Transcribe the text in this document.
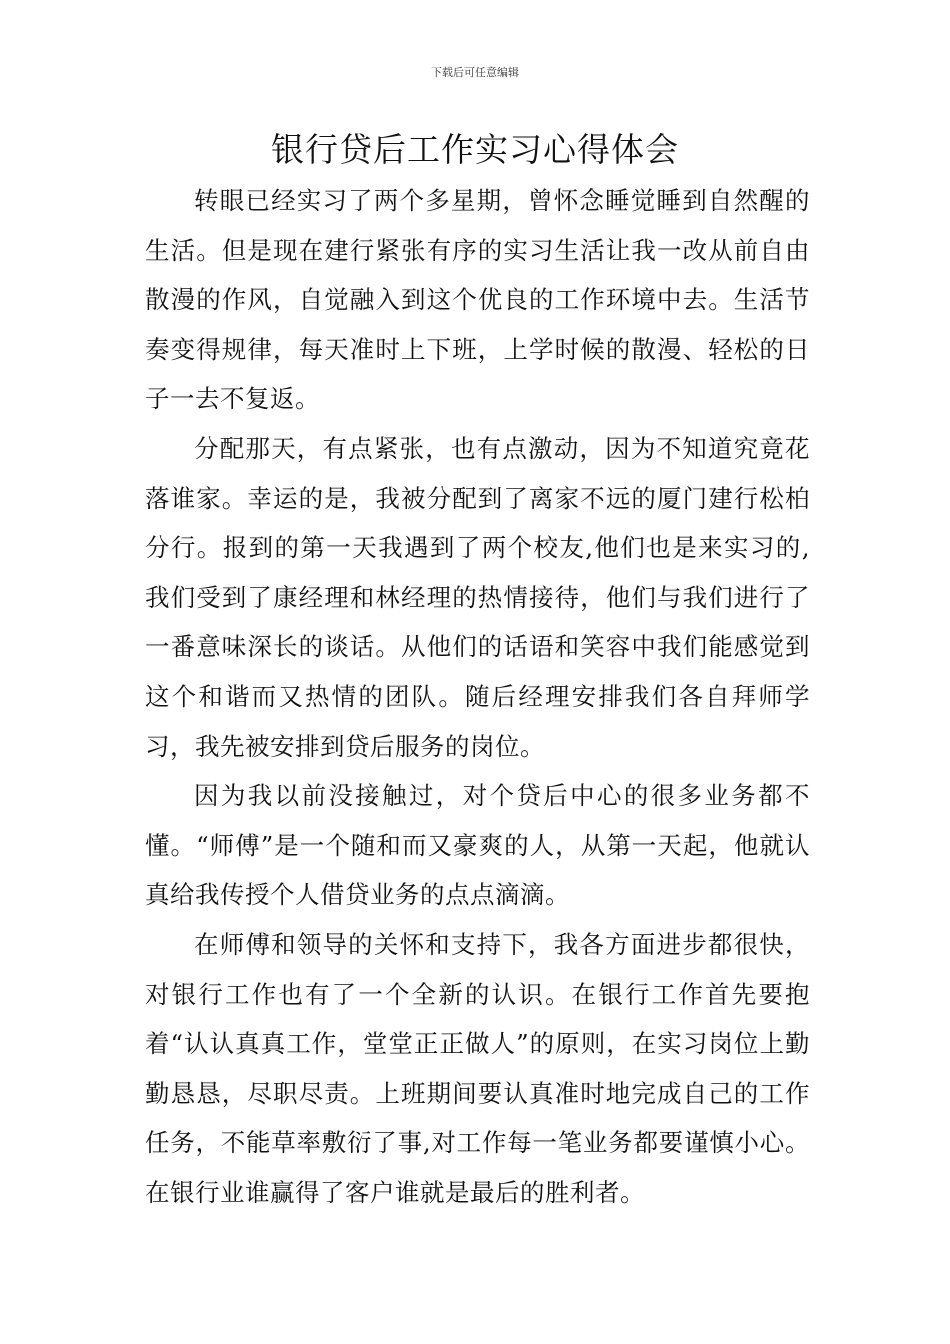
下载后可任意编辑
银行贷后工作实习心得体会

转眼已经实习了两个多星期，曾怀念睡觉睡到自然醒的生活。但是现在建行紧张有序的实习生活让我一改从前自由散漫的作风，自觉融入到这个优良的工作环境中去。生活节奏变得规律，每天准时上下班，上学时候的散漫、轻松的日子一去不复返。

分配那天，有点紧张，也有点激动，因为不知道究竟花落谁家。幸运的是，我被分配到了离家不远的厦门建行松柏分行。报到的第一天我遇到了两个校友,他们也是来实习的,我们受到了康经理和林经理的热情接待，他们与我们进行了一番意味深长的谈话。从他们的话语和笑容中我们能感觉到这个和谐而又热情的团队。随后经理安排我们各自拜师学习，我先被安排到贷后服务的岗位。

因为我以前没接触过，对个贷后中心的很多业务都不懂。“师傅”是一个随和而又豪爽的人，从第一天起，他就认真给我传授个人借贷业务的点点滴滴。

在师傅和领导的关怀和支持下，我各方面进步都很快，对银行工作也有了一个全新的认识。在银行工作首先要抱着“认认真真工作，堂堂正正做人”的原则，在实习岗位上勤勤恳恳，尽职尽责。上班期间要认真准时地完成自己的工作任务，不能草率敷衍了事,对工作每一笔业务都要谨慎小心。在银行业谁赢得了客户谁就是最后的胜利者。
